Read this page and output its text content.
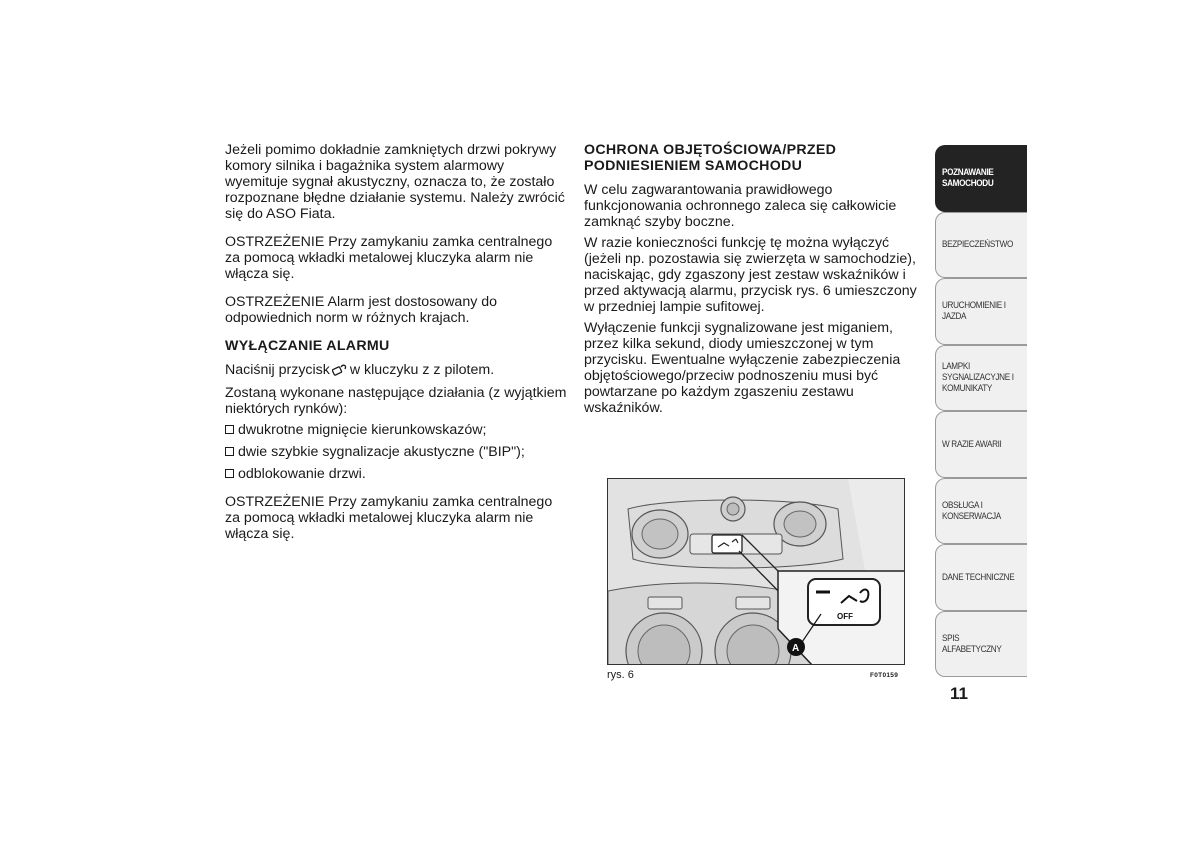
Jeżeli pomimo dokładnie zamkniętych drzwi pokrywy komory silnika i bagażnika system alarmowy wyemituje sygnał akustyczny, oznacza to, że zostało rozpoznane błędne działanie systemu. Należy zwrócić się do ASO Fiata.

OSTRZEŻENIE Przy zamykaniu zamka centralnego za pomocą wkładki metalowej kluczyka alarm nie włącza się.

OSTRZEŻENIE Alarm jest dostosowany do odpowiednich norm w różnych krajach.

WYŁĄCZANIE ALARMU

Naciśnij przycisk w kluczyku z z pilotem.

Zostaną wykonane następujące działania (z wyjątkiem niektórych rynków):

dwukrotne mignięcie kierunkowskazów;
dwie szybkie sygnalizacje akustyczne ("BIP");
odblokowanie drzwi.

OSTRZEŻENIE Przy zamykaniu zamka centralnego za pomocą wkładki metalowej kluczyka alarm nie włącza się.

OCHRONA OBJĘTOŚCIOWA/PRZED PODNIESIENIEM SAMOCHODU

W celu zagwarantowania prawidłowego funkcjonowania ochronnego zaleca się całkowicie zamknąć szyby boczne.

W razie konieczności funkcję tę można wyłączyć (jeżeli np. pozostawia się zwierzęta w samochodzie), naciskając, gdy zgaszony jest zestaw wskaźników i przed aktywacją alarmu, przycisk rys. 6 umieszczony w przedniej lampie sufitowej.

Wyłączenie funkcji sygnalizowane jest miganiem, przez kilka sekund, diody umieszczonej w tym przycisku. Ewentualne wyłączenie zabezpieczenia objętościowego/przeciw podnoszeniu musi być powtarzane po każdym zgaszeniu zestawu wskaźników.

OFF
A
rys. 6	F0T0159
POZNAWANIE
SAMOCHODU
BEZPIECZEŃSTWO
URUCHOMIENIE I
JAZDA
LAMPKI
SYGNALIZACYJNE I
KOMUNIKATY
W RAZIE AWARII
OBSŁUGA I
KONSERWACJA
DANE TECHNICZNE
SPIS ALFABETYCZNY
11
